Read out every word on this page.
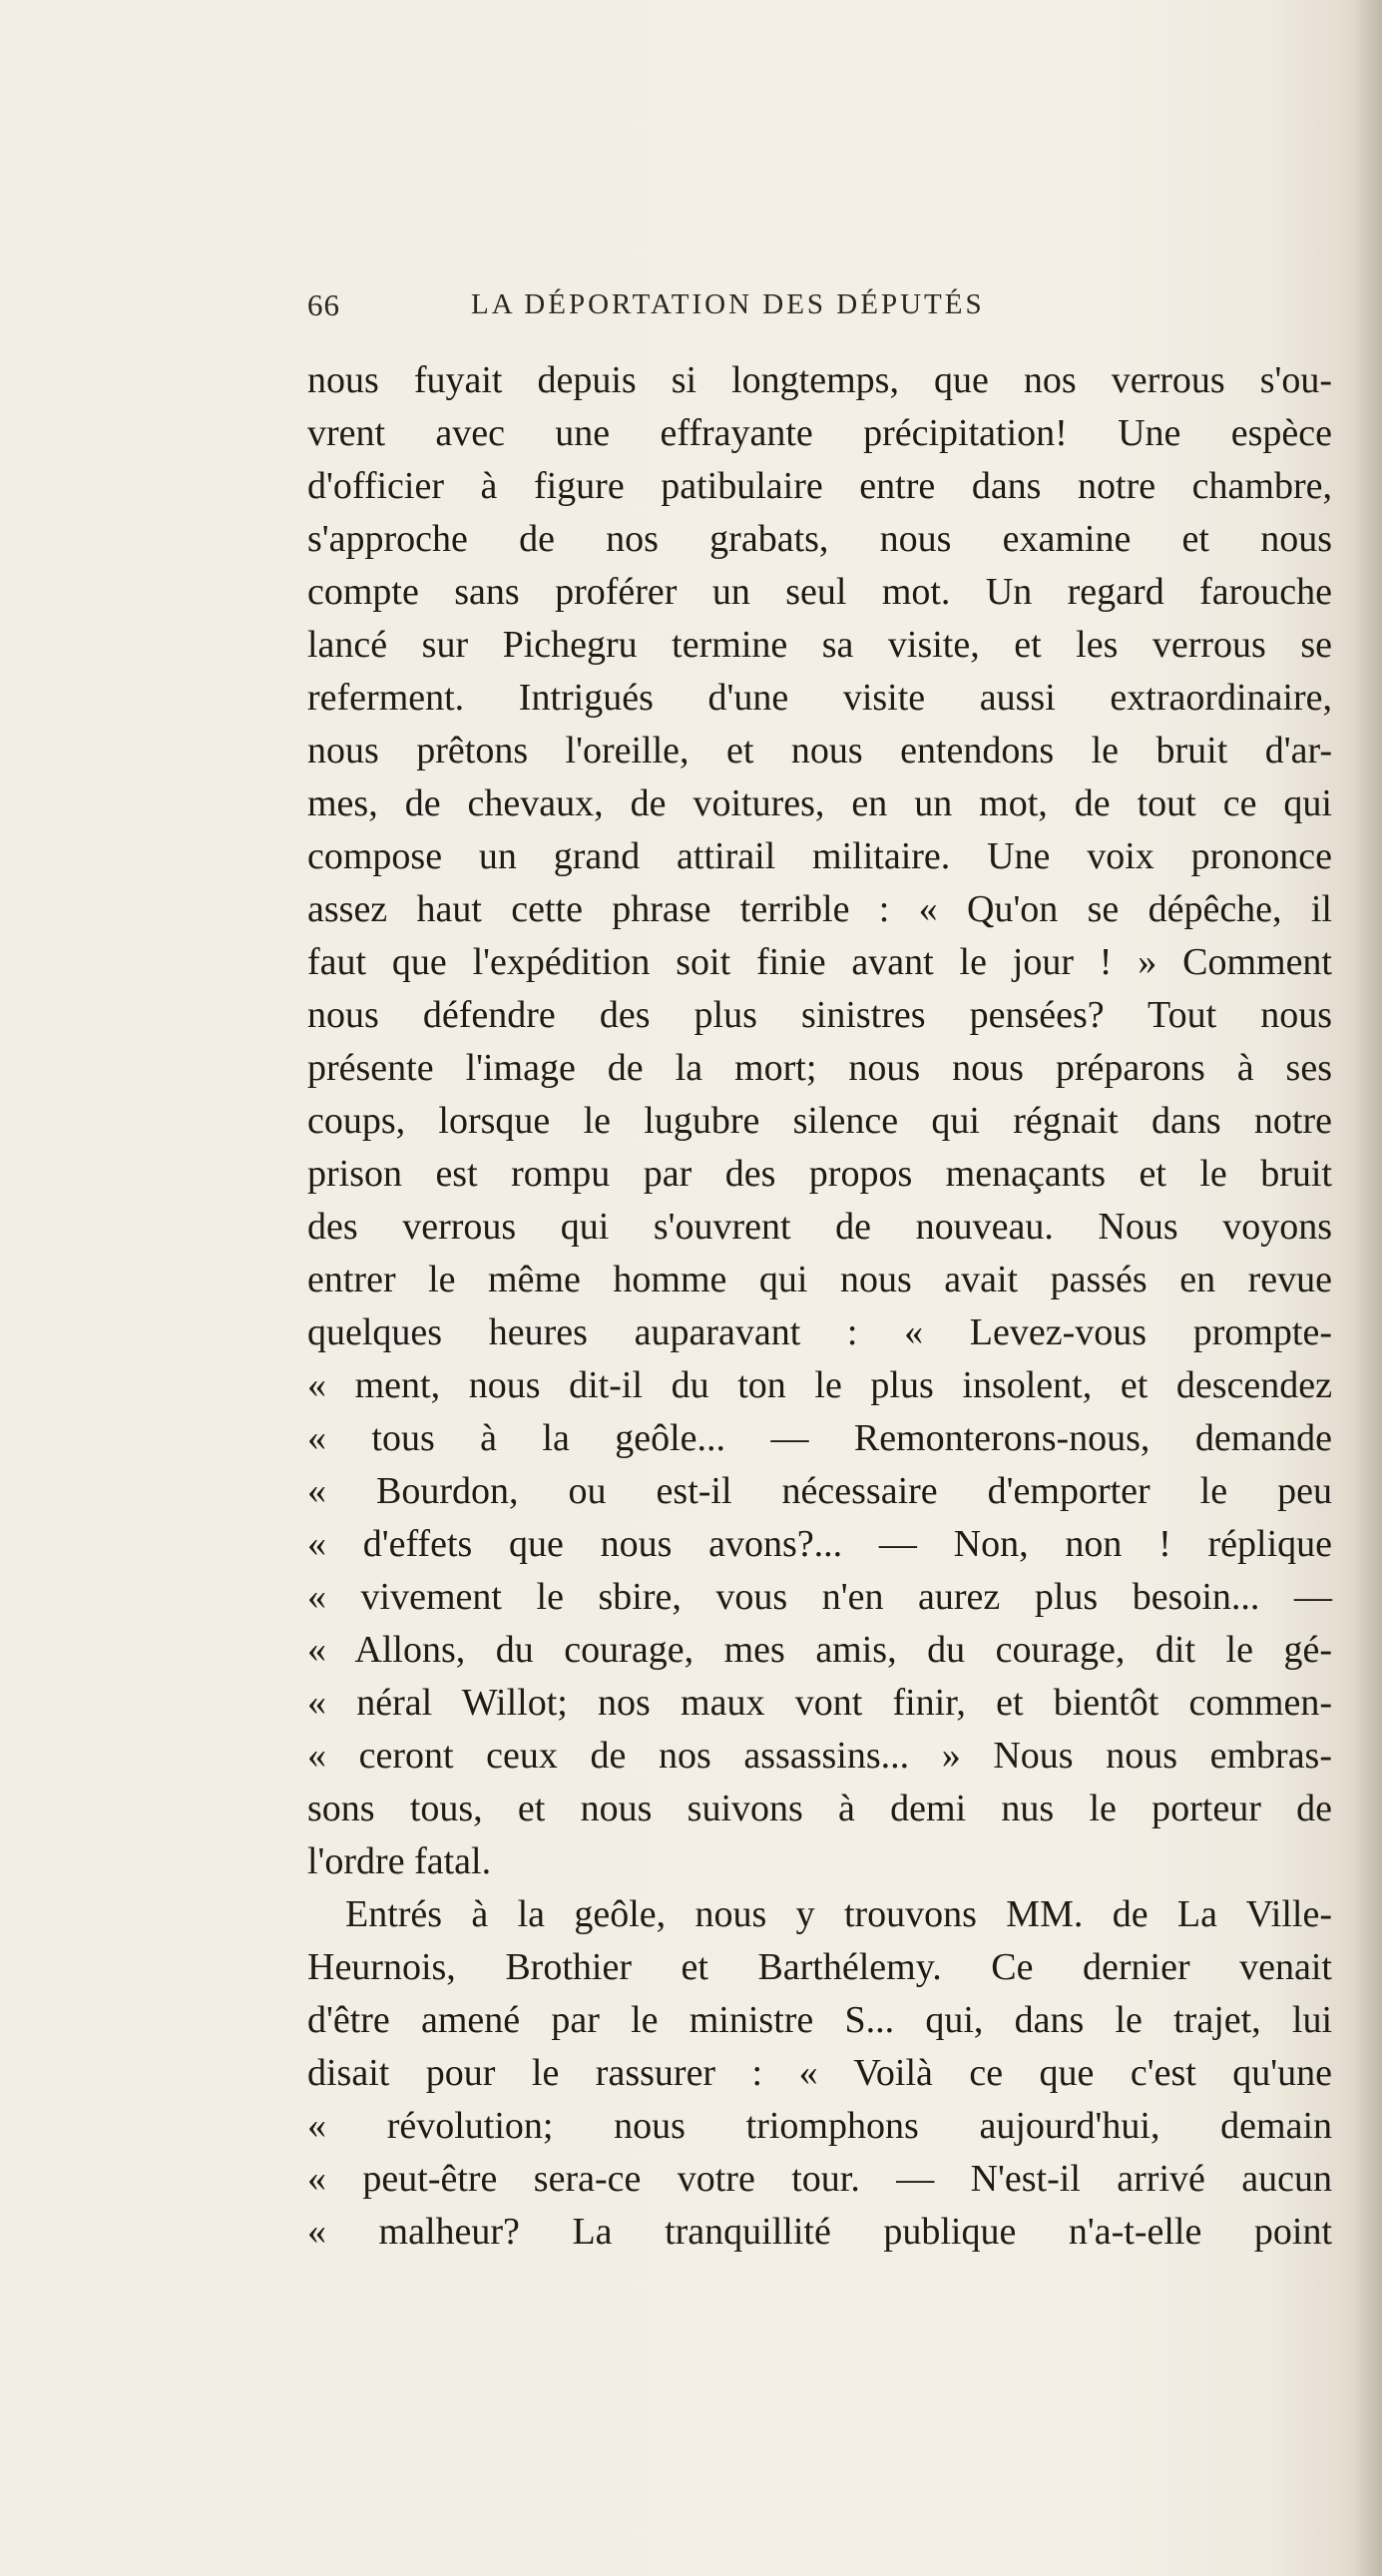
66	LA DÉPORTATION DES DÉPUTÉS
nous fuyait depuis si longtemps, que nos verrous s'ou-
vrent avec une effrayante précipitation! Une espèce
d'officier à figure patibulaire entre dans notre chambre,
s'approche de nos grabats, nous examine et nous
compte sans proférer un seul mot. Un regard farouche
lancé sur Pichegru termine sa visite, et les verrous se
referment. Intrigués d'une visite aussi extraordinaire,
nous prêtons l'oreille, et nous entendons le bruit d'ar-
mes, de chevaux, de voitures, en un mot, de tout ce qui
compose un grand attirail militaire. Une voix prononce
assez haut cette phrase terrible : « Qu'on se dépêche, il
faut que l'expédition soit finie avant le jour ! » Comment
nous défendre des plus sinistres pensées? Tout nous
présente l'image de la mort; nous nous préparons à ses
coups, lorsque le lugubre silence qui régnait dans notre
prison est rompu par des propos menaçants et le bruit
des verrous qui s'ouvrent de nouveau. Nous voyons
entrer le même homme qui nous avait passés en revue
quelques heures auparavant : « Levez-vous prompte-
« ment, nous dit-il du ton le plus insolent, et descendez
« tous à la geôle... — Remonterons-nous, demande
« Bourdon, ou est-il nécessaire d'emporter le peu
« d'effets que nous avons?... — Non, non ! réplique
« vivement le sbire, vous n'en aurez plus besoin... —
« Allons, du courage, mes amis, du courage, dit le gé-
« néral Willot; nos maux vont finir, et bientôt commen-
« ceront ceux de nos assassins... » Nous nous embras-
sons tous, et nous suivons à demi nus le porteur de
l'ordre fatal.
Entrés à la geôle, nous y trouvons MM. de La Ville-
Heurnois, Brothier et Barthélemy. Ce dernier venait
d'être amené par le ministre S... qui, dans le trajet, lui
disait pour le rassurer : « Voilà ce que c'est qu'une
« révolution; nous triomphons aujourd'hui, demain
« peut-être sera-ce votre tour. — N'est-il arrivé aucun
« malheur? La tranquillité publique n'a-t-elle point
